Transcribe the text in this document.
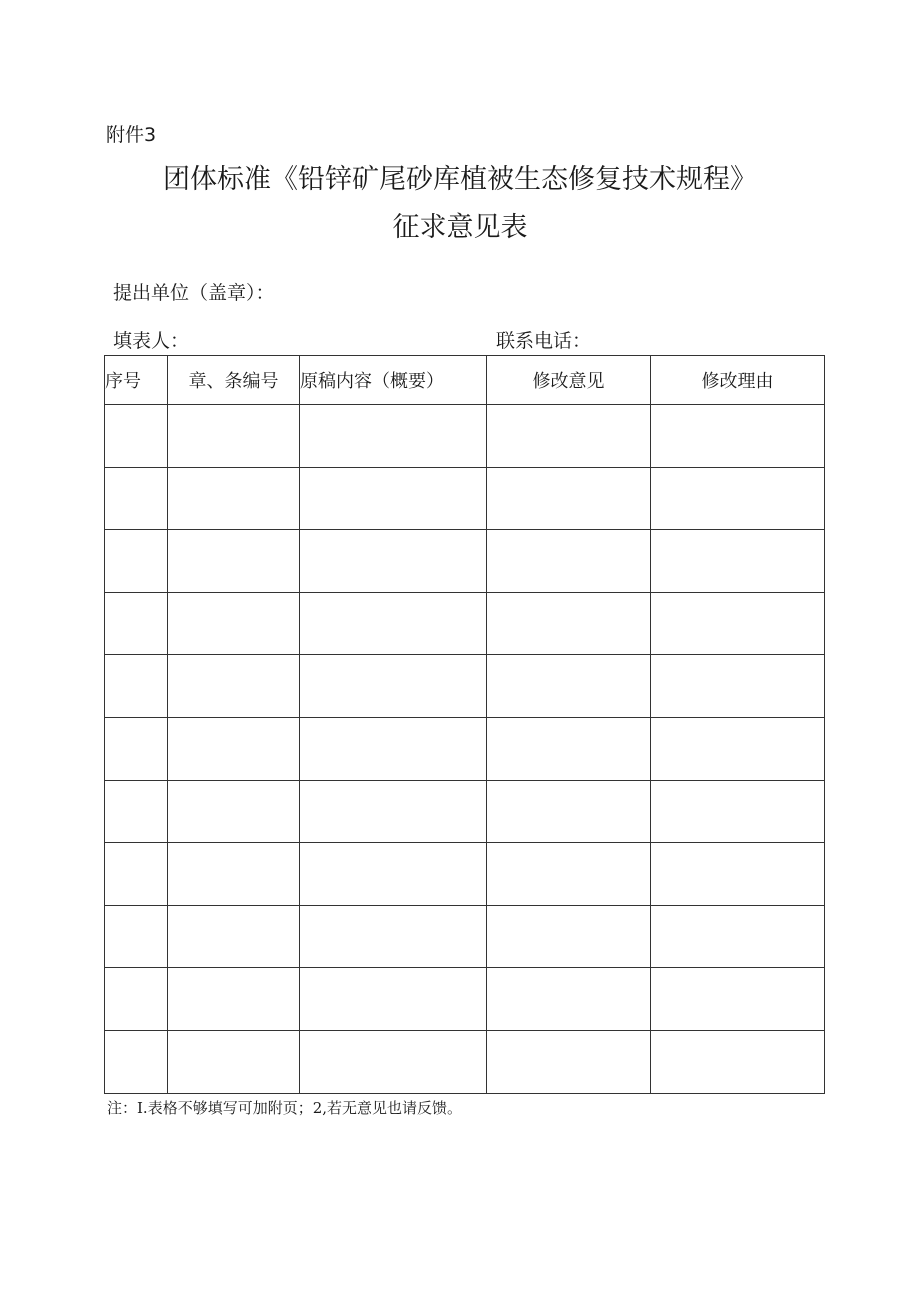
附件3
团体标准《铅锌矿尾砂库植被生态修复技术规程》
征求意见表
提出单位（盖章）：
填表人：	联系电话：
序号	章、条编号	原稿内容（概要）	修改意见	修改理由

注：Ⅰ.表格不够填写可加附页；2,若无意见也请反馈。
